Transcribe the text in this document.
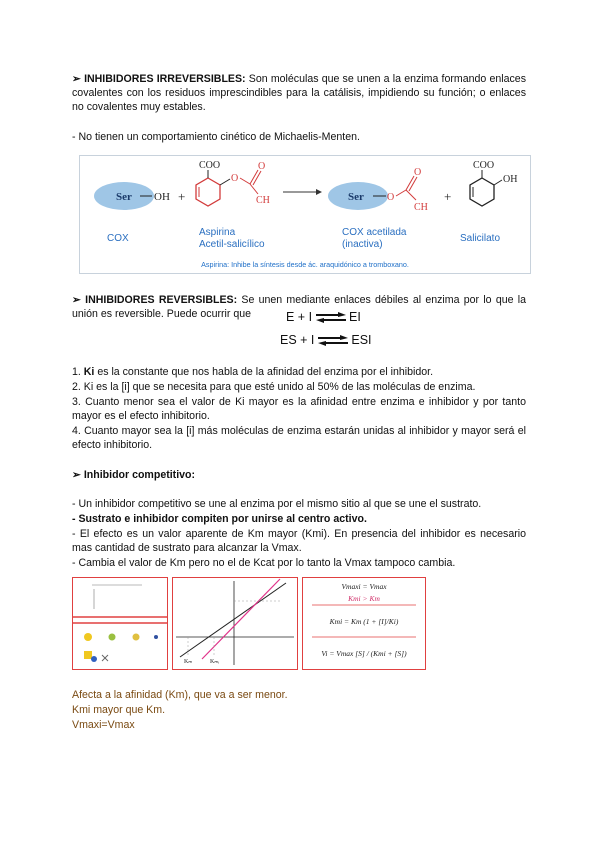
➢ INHIBIDORES IRREVERSIBLES: Son moléculas que se unen a la enzima formando enlaces covalentes con los residuos imprescindibles para la catálisis, impidiendo su función; o enlaces no covalentes muy estables.
- No tienen un comportamiento cinético de Michaelis-Menten.
Ser OH +
COO
O
O
CH	Ser O
O
CH
+
COO
OH
COX
Aspirina
Acetil-salicílico
COX acetilada
(inactiva)
Salicilato
Aspirina: Inhibe la síntesis desde ác. araquidónico a tromboxano.
➢ INHIBIDORES REVERSIBLES: Se unen mediante enlaces débiles al enzima por lo que la unión es reversible. Puede ocurrir que	E + I ⇌ EI
ES + I ⇌ ESI
1. Ki es la constante que nos habla de la afinidad del enzima por el inhibidor.
2. Ki es la [i] que se necesita para que esté unido al 50% de las moléculas de enzima.
3. Cuanto menor sea el valor de Ki mayor es la afinidad entre enzima e inhibidor y por tanto mayor es el efecto inhibitorio.
4. Cuanto mayor sea la [i] más moléculas de enzima estarán unidas al inhibidor y mayor será el efecto inhibitorio.
➢ Inhibidor competitivo:
- Un inhibidor competitivo se une al enzima por el mismo sitio al que se une el sustrato.
- Sustrato e inhibidor compiten por unirse al centro activo.
- El efecto es un valor aparente de Km mayor (Kmi). En presencia del inhibidor es necesario mas cantidad de sustrato para alcanzar la Vmax.
- Cambia el valor de Km pero no el de Kcat por lo tanto la Vmax tampoco cambia.
Kₘ	Kₘᵢ
Vmaxi = Vmax
Kmi > Km
Kmi = Km (1 + [I]/Ki)
Vi = Vmax [S] / (Kmi + [S])
Afecta a la afinidad (Km), que va a ser menor.
Kmi mayor que Km.
Vmaxi=Vmax
